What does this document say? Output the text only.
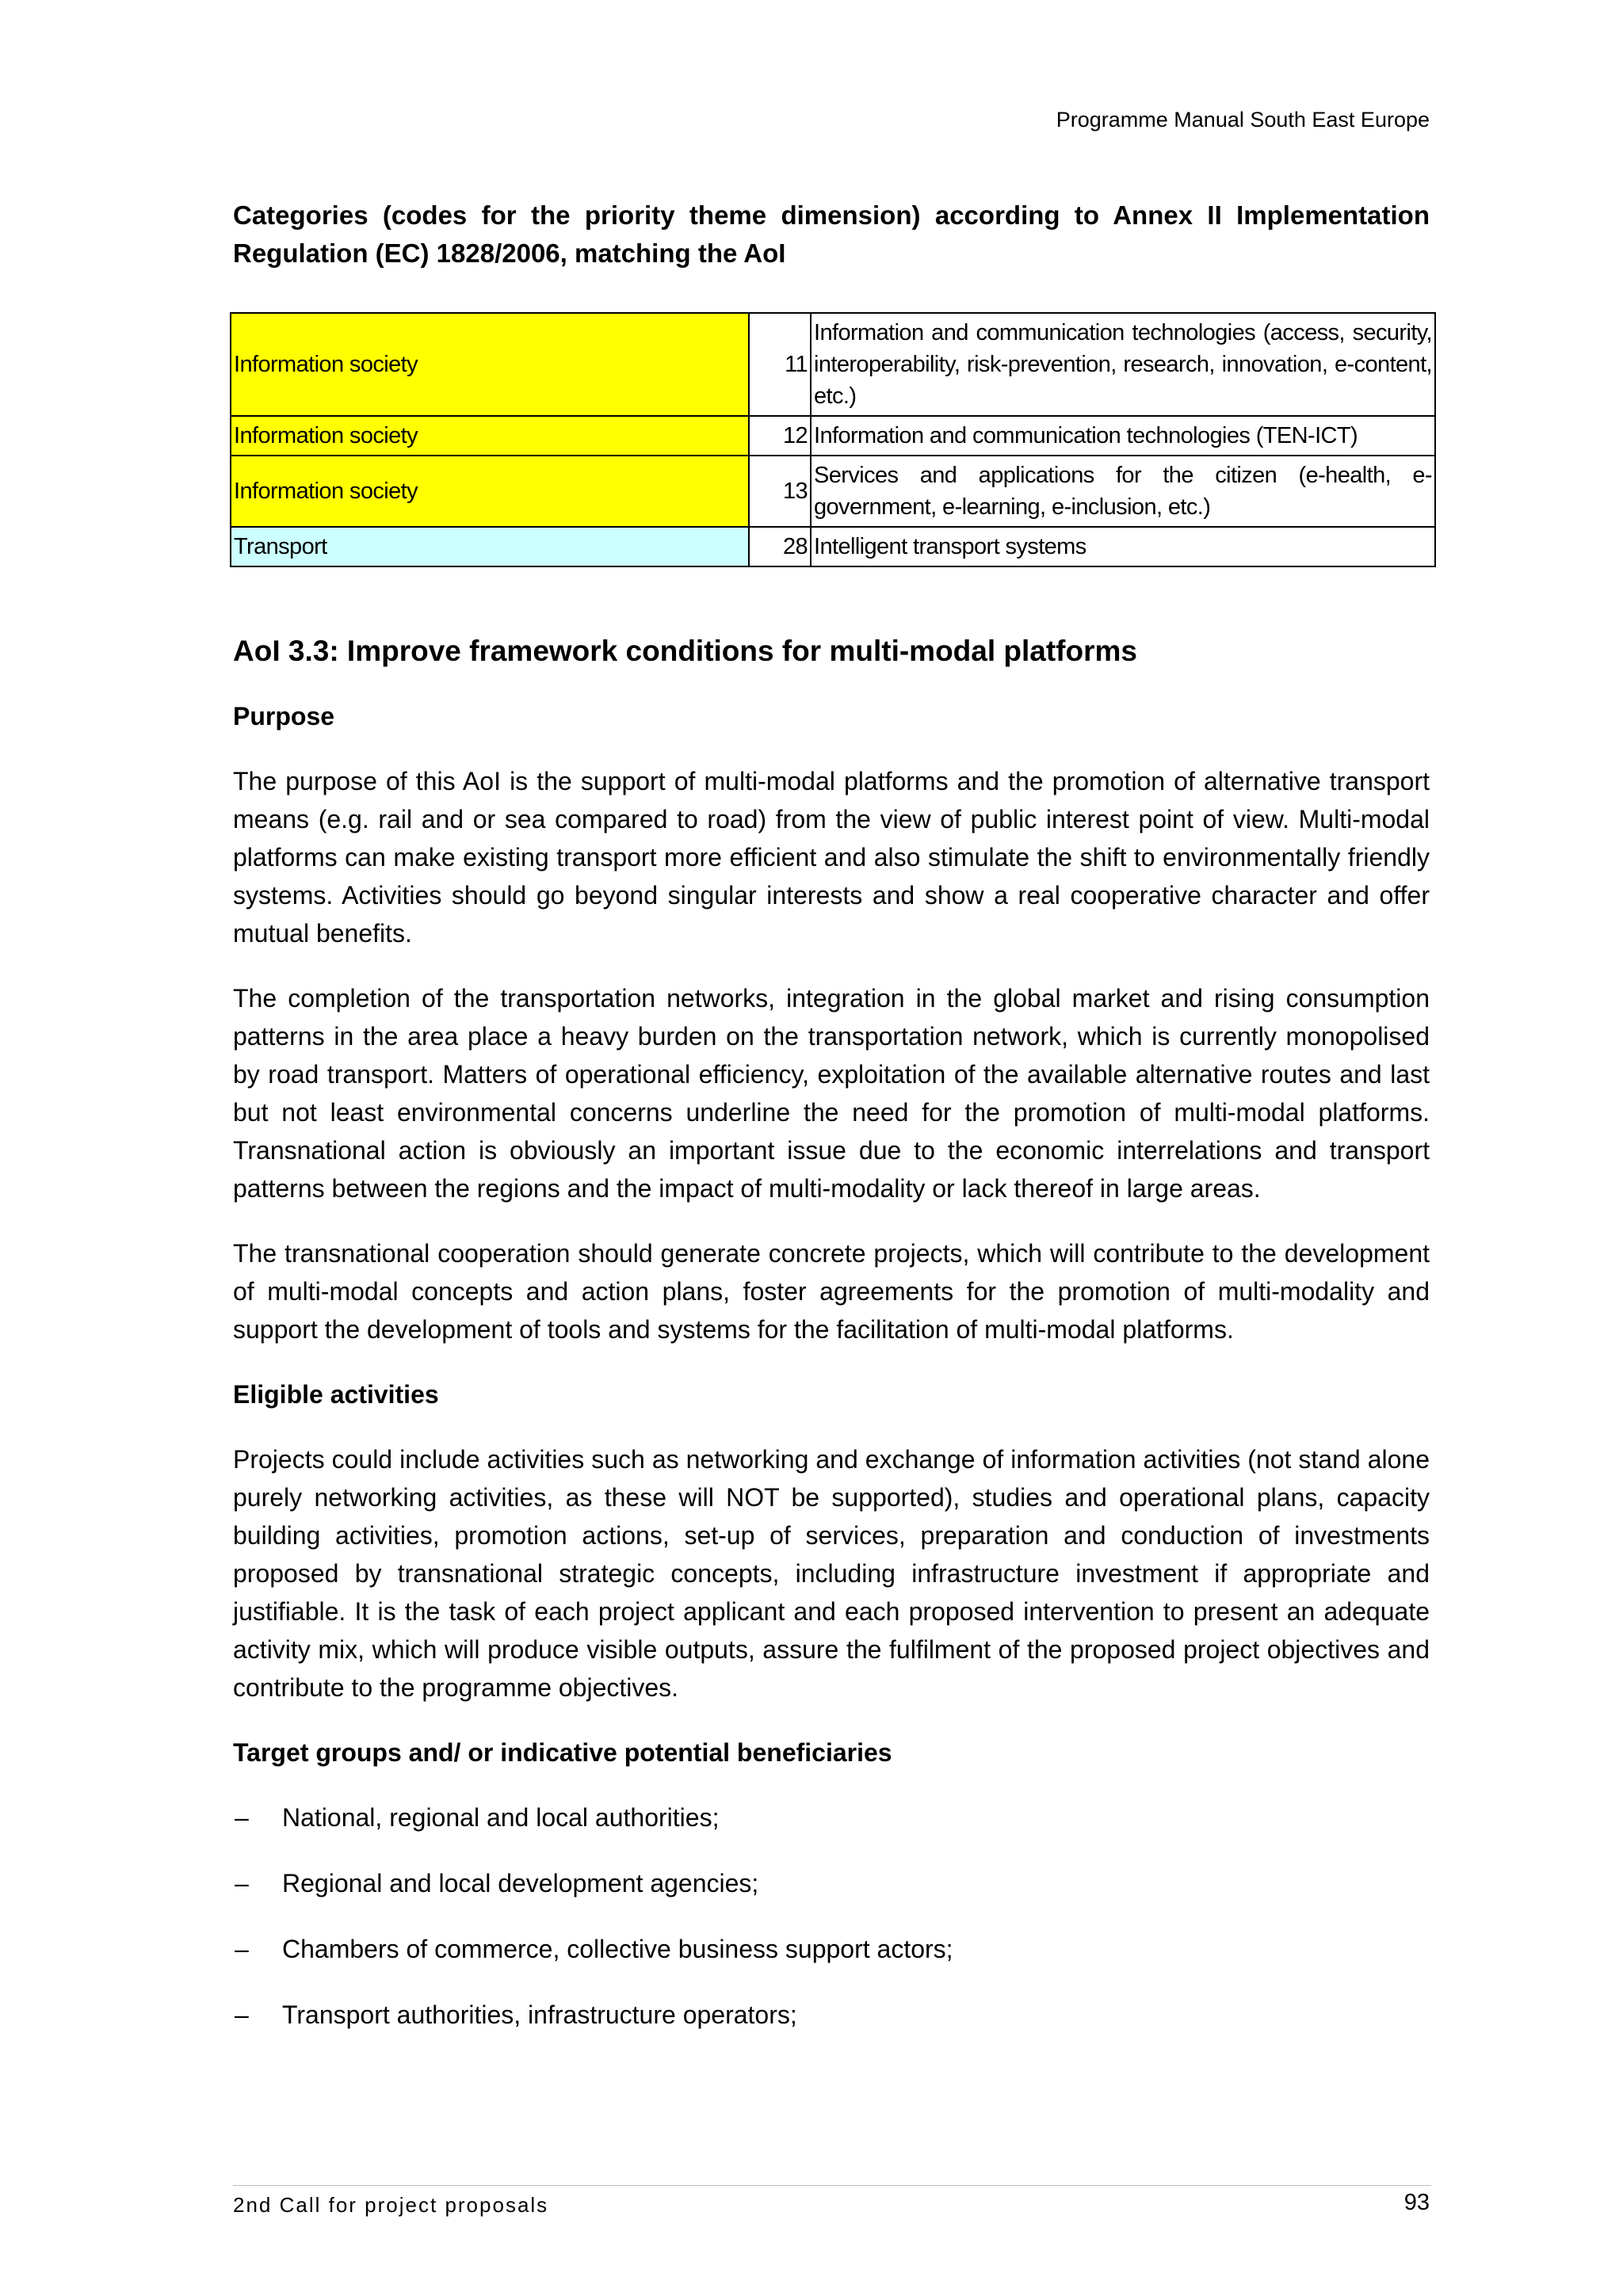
Programme Manual South East Europe
Categories (codes for the priority theme dimension) according to Annex II Implementation Regulation (EC) 1828/2006, matching the AoI
Information society	11	Information and communication technologies (access, security, interoperability, risk-prevention, research, innovation, e-content, etc.)
Information society	12	Information and communication technologies (TEN-ICT)
Information society	13	Services and applications for the citizen (e-health, e-government, e-learning, e-inclusion, etc.)
Transport	28	Intelligent transport systems
AoI 3.3: Improve framework conditions for multi-modal platforms
Purpose

The purpose of this AoI is the support of multi-modal platforms and the promotion of alternative transport means (e.g. rail and or sea compared to road) from the view of public interest point of view. Multi-modal platforms can make existing transport more efficient and also stimulate the shift to environmentally friendly systems. Activities should go beyond singular interests and show a real cooperative character and offer mutual benefits.

The completion of the transportation networks, integration in the global market and rising consumption patterns in the area place a heavy burden on the transportation network, which is currently monopolised by road transport. Matters of operational efficiency, exploitation of the available alternative routes and last but not least environmental concerns underline the need for the promotion of multi-modal platforms. Transnational action is obviously an important issue due to the economic interrelations and transport patterns between the regions and the impact of multi-modality or lack thereof in large areas.

The transnational cooperation should generate concrete projects, which will contribute to the development of multi-modal concepts and action plans, foster agreements for the promotion of multi-modality and support the development of tools and systems for the facilitation of multi-modal platforms.

Eligible activities

Projects could include activities such as networking and exchange of information activities (not stand alone purely networking activities, as these will NOT be supported), studies and operational plans, capacity building activities, promotion actions, set-up of services, preparation and conduction of investments proposed by transnational strategic concepts, including infrastructure investment if appropriate and justifiable. It is the task of each project applicant and each proposed intervention to present an adequate activity mix, which will produce visible outputs, assure the fulfilment of the proposed project objectives and contribute to the programme objectives.

Target groups and/ or indicative potential beneficiaries
– National, regional and local authorities;
– Regional and local development agencies;
– Chambers of commerce, collective business support actors;
– Transport authorities, infrastructure operators;
2nd Call for project proposals	93
